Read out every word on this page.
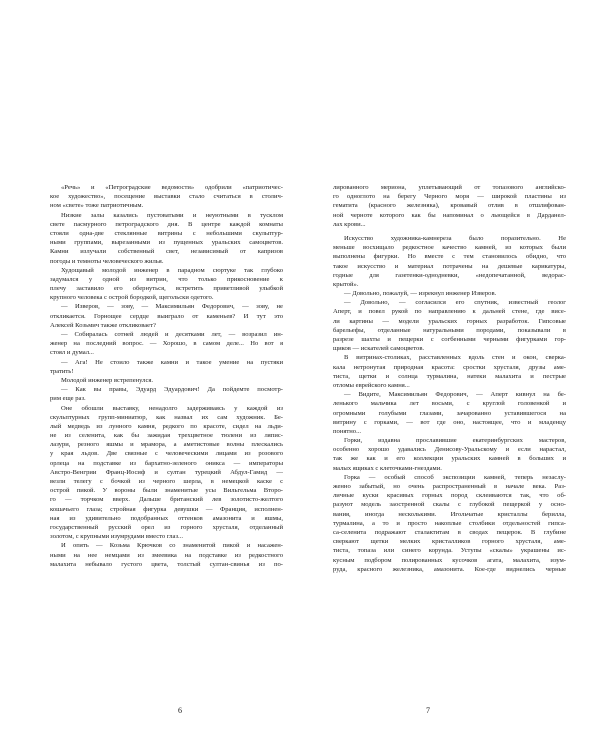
«Речь» и «Петроградские ведомости» одобрили «патриотичес-
кое художество», посещение выставки стало считаться в столич-
ном «свете» тоже патриотичным.
Низкие залы казались пустоватыми и неуютными в тусклом
свете пасмурного петроградского дня. В центре каждой комнаты
стояли одна-две стеклянные витрины с небольшими скульптур-
ными группами, вырезанными из пущенных уральских самоцветов.
Камни излучали собственный свет, независимый от капризов
погоды и темноты человеческого жилья.
Худощавый молодой инженер в парадном сюртуке так глубоко
задумался у одной из витрин, что только прикосновение к
плечу заставило его обернуться, встретить приветливой улыбкой
крупного человека с острой бородкой, щегольски одетого.
— Изверов, — зову, — Максимильян Федорович, — зову, не
откликается. Горнощее сердце выиграло от каменьев? И тут это
Алексей Козьмич также откликовает?
— Собиралась сотней людей и десятками лет, — возразил ин-
женер на последний вопрос. — Хорошо, в самом деле... Но вот я
стоял и думал...
— Ага! Не стоило также камни и такое умение на пустяки
тратить!
Молодой инженер встрепенулся.
— Как вы правы, Эдуард Эдуардович! Да пойдемте посмотр-
рим еще раз.
Оне обошли выставку, ненадолго задерживаясь у каждой из
скульптурных групп-миниатюр, как назвал их сам художник. Бе-
лый медведь из лунного камня, редкого по красоте, сидел на льди-
не из селенита, как бы зажидая трехцветное тюлени из ляпис-
лазури, резного яшмы и мрамора, а аметистовые волны плескались
у края льдов. Две связные с человеческими лицами из розового
орлеца на подставке из бархатно-зеленого оникса — императоры
Австро-Венгрии Франц-Иосиф и султан турецкий Абдул-Гамид —
везли телегу с бочкой из черного шерла, в немецкой каске с
острой пикой. У вороны были знаменитые усы Вильгельма Второ-
го — торчком вверх. Дальше британский лев золотисто-желтого
кошачьего глаза; стройная фигурка девушки — Франция, исполнен-
ная из удивительно подобранных оттенков амазонита и яшмы,
государственный русский орел из горного хрусталя, отделанный
золотом, с крупными изумрудами вместо глаз...
И опять — Козьма Крючков со знаменитой пикой и насажен-
ными на нее немцами из змеевика на подставке из редкостного
малахита небывало густого цвета, толстый султан-свинья из по-
6
лированного мериона, уплетывающий от топазового английско-
го одноглото на берегу Черного моря — широкой пластины из
гематита (красного железняка), кровавый отлив в отшлифован-
ной черноте которого как бы напоминал о льющейся в Дарданел-
лах крови...
Искусство художника-камнереза было поразительно. Не
меньше восхищало редкостное качество камней, из которых были
выполнены фигурки. Но вместе с тем становилось обидно, что
такое искусство и материал потрачены на дешевые карикатуры,
годные для газетенки-однодневки, «недопечатанной, ведорас-
крытой».
— Довольно, пожалуй, — изрекнул инженер Изверов.
— Довольно, — согласился его спутник, известный геолог
Аперт, и повел рукой по направлению к дальней стене, где висе-
ли картины — модели уральских горных разработок. Гипсовые
барельефы, отделанные натуральными породами, показывали в
разрезе шахты и пещерки с согбенными черными фигурками гор-
щиков — искателей самоцветов.
В витринах-столиках, расставленных вдоль стен и окон, сверка-
кала нетронутая природная красота: сростки хрусталя, друзы аме-
тиста, щетки и солнца турмалина, натеки малахита и пестрые
отломы еврейского камня...
— Видите, Максимильян Федорович, — Аперт кивнул на бе-
ленького мальчика лет восьми, с круглой головенкой и
огромными голубыми глазами, зачарованно уставившегося на
витрину с горками, — вот где оно, настоящее, что и младенцу
понятно...
Горки, издавна прославившие екатеринбургских мастеров,
особенно хорошо удавались Денисову-Уральскому и если нарастал,
так же как и его коллекции уральских камней в больших и
малых ящиках с клеточками-гнездами.
Горка — особый способ экспозиции камней, теперь незаслу-
женно забытый, но очень распространенный в начале века. Раз-
личные куски красивых горных пород склеиваются так, что об-
разуют модель заостренной скалы с глубокой пещеркой у осно-
вания, иногда несколькими. Игольчатые кристаллы берилла,
турмалина, а то и просто накоплые столбики отдельностей гипса-
са-селенита подражают сталактитам в сводах пещерок. В глубине
сверкают щетки мелких кристалликов горного хрусталя, аме-
тиста, топаза или синего корунда. Уступы «скалы» украшены ис-
кусным подбором полированных кусочков агата, малахита, изум-
руда, красного железника, амазонита. Кое-где виднелись черные
7
